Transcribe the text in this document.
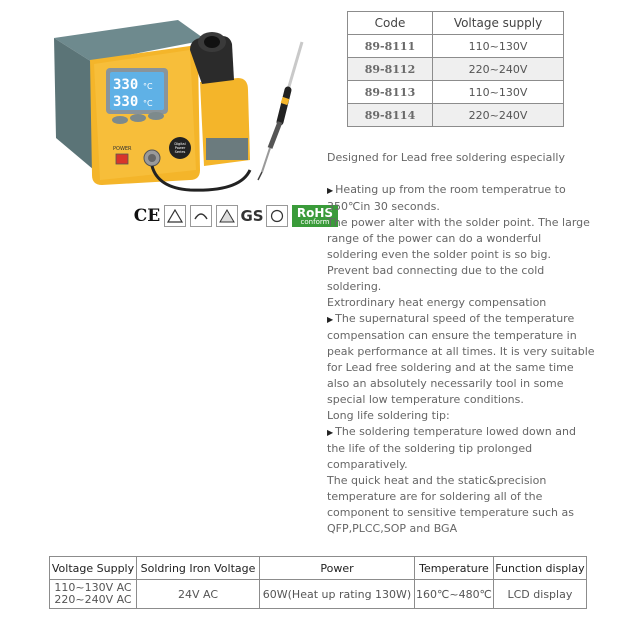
330 °C
330 °C
POWER
Digital
Power
Series
CE	GS	RoHS
conform
Code	Voltage supply
89-8111	110~130V
89-8112	220~240V
89-8113	110~130V
89-8114	220~240V

Designed for Lead free soldering especially

▶ Heating up from the room temperatrue to 350℃in 30 seconds.

The power alter with the solder point. The large range of the power can do a wonderful soldering even the solder point is so big.

Prevent bad connecting due to the cold soldering.

Extrordinary heat energy compensation

▶ The supernatural speed of the temperature compensation can ensure the temperature in peak performance at all times. It is very suitable for Lead free soldering and at the same time also an absolutely necessarily tool in some special low temperature conditions.

Long life soldering tip:

▶ The soldering temperature lowed down and the life of the soldering tip prolonged comparatively.

The quick heat and the static&precision temperature are for soldering all of the component to sensitive temperature such as QFP,PLCC,SOP and BGA

Voltage Supply	Soldring Iron Voltage	Power	Temperature	Function display

110~130V AC
220~240V AC	24V AC	60W(Heat up rating 130W)	160℃~480℃	LCD display
